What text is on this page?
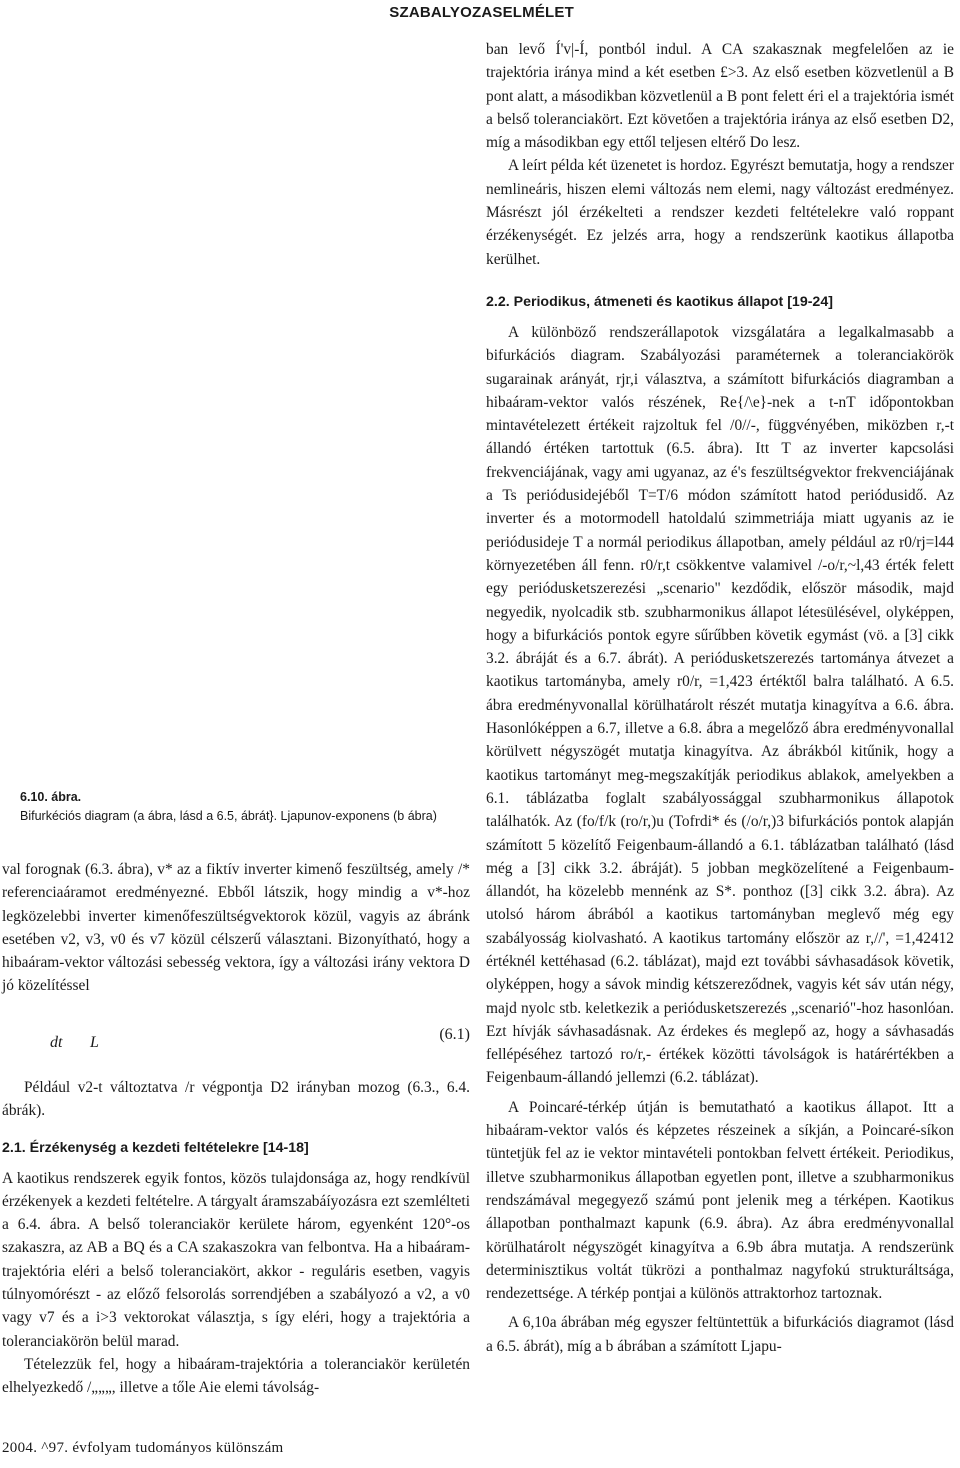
SZABALYOZASELMÉLET
6.10. ábra.
Bifurkéciós diagram (a ábra, lásd a 6.5, ábrát}. Ljapunov-exponens (b ábra)

val forognak (6.3. ábra), v* az a fiktív inverter kimenő feszültség, amely /* referenciaáramot eredményezné. Ebből látszik, hogy mindig a v*-hoz legközelebbi inverter kimenőfeszültségvektorok közül, vagyis az ábránk esetében v2, v3, v0 és v7 közül célszerű választani. Bizonyítható, hogy a hibaáram-vektor változási sebesség vektora, így a változási irány vektora D jó közelítéssel

dt L	(6.1)

Például v2-t változtatva /r végpontja D2 irányban mozog (6.3., 6.4. ábrák).

2.1. Érzékenység a kezdeti feltételekre [14-18]

A kaotikus rendszerek egyik fontos, közös tulajdonsága az, hogy rendkívül érzékenyek a kezdeti feltételre. A tárgyalt áramszabáíyozásra ezt szemlélteti a 6.4. ábra. A belső toleranciakör kerülete három, egyenként 120°-os szakaszra, az AB a BQ és a CA szakaszokra van felbontva. Ha a hibaáram-trajektória eléri a belső toleranciakört, akkor - reguláris esetben, vagyis túlnyomórészt - az előző felsorolás sorrendjében a szabályozó a v2, a v0 vagy v7 és a i>3 vektorokat választja, s így eléri, hogy a trajektória a toleranciakörön belül marad.

Tételezzük fel, hogy a hibaáram-trajektória a toleranciakör kerületén elhelyezkedő /„„„, illetve a tőle Aie elemi távolság-

ban levő Í'v|-Í, pontból indul. A CA szakasznak megfelelően az ie trajektória iránya mind a két esetben £>3. Az első esetben közvetlenül a B pont alatt, a másodikban közvetlenül a B pont felett éri el a trajektória ismét a belső toleranciakört. Ezt követően a trajektória iránya az első esetben D2, míg a másodikban egy ettől teljesen eltérő Do lesz.

A leírt példa két üzenetet is hordoz. Egyrészt bemutatja, hogy a rendszer nemlineáris, hiszen elemi változás nem elemi, nagy változást eredményez. Másrészt jól érzékelteti a rendszer kezdeti feltételekre való roppant érzékenységét. Ez jelzés arra, hogy a rendszerünk kaotikus állapotba kerülhet.

2.2. Periodikus, átmeneti és kaotikus állapot [19-24]

A különböző rendszerállapotok vizsgálatára a legalkalmasabb a bifurkációs diagram. Szabályozási paraméternek a toleranciakörök sugarainak arányát, rjr,i választva, a számított bifurkációs diagramban a hibaáram-vektor valós részének, Re{/\e}-nek a t-nT időpontokban mintavételezett értékeit rajzoltuk fel /0//-, függvényében, miközben r,-t állandó értéken tartottuk (6.5. ábra). Itt T az inverter kapcsolási frekvenciájának, vagy ami ugyanaz, az é's feszültségvektor frekvenciájának a Ts periódusidejéből T=T/6 módon számított hatod periódusidő. Az inverter és a motormodell hatoldalú szimmetriája miatt ugyanis az ie periódusideje T a normál periodikus állapotban, amely például az r0/rj=l44 környezetében áll fenn. r0/r,t csökkentve valamivel /-o/r,~l,43 érték felett egy periódusketszerezési „scenario" kezdődik, először második, majd negyedik, nyolcadik stb. szubharmonikus állapot létesülésével, olyképpen, hogy a bifurkációs pontok egyre sűrűbben követik egymást (vö. a [3] cikk 3.2. ábráját és a 6.7. ábrát). A periódusketszerezés tartománya átvezet a kaotikus tartományba, amely r0/r, =1,423 értéktől balra található. A 6.5. ábra eredményvonallal körülhatárolt részét mutatja kinagyítva a 6.6. ábra. Hasonlóképpen a 6.7, illetve a 6.8. ábra a megelőző ábra eredményvonallal körülvett négyszögét mutatja kinagyítva. Az ábrákból kitűnik, hogy a kaotikus tartományt meg-megszakítják periodikus ablakok, amelyekben a 6.1. táblázatba foglalt szabályossággal szubharmonikus állapotok találhatók. Az (fo/f/k (ro/r,)u (Tofrdi* és (/o/r,)3 bifurkációs pontok alapján számított 5 közelítő Feigenbaum-állandó a 6.1. táblázatban található (lásd még a [3] cikk 3.2. ábráját). 5 jobban megközelítené a Feigenbaum-állandót, ha közelebb mennénk az S*. ponthoz ([3] cikk 3.2. ábra). Az utolsó három ábrából a kaotikus tartományban meglevő még egy szabályosság kiolvasható. A kaotikus tartomány először az r,//', =1,42412 értéknél kettéhasad (6.2. táblázat), majd ezt további sávhasadások követik, olyképpen, hogy a sávok mindig kétszereződnek, vagyis két sáv után négy, majd nyolc stb. keletkezik a periódusketszerezés ,,scenarió"-hoz hasonlóan. Ezt hívják sávhasadásnak. Az érdekes és meglepő az, hogy a sávhasadás fellépéséhez tartozó ro/r,- értékek közötti távolságok is határértékben a Feigenbaum-állandó jellemzi (6.2. táblázat).

A Poincaré-térkép útján is bemutatható a kaotikus állapot. Itt a hibaáram-vektor valós és képzetes részeinek a síkján, a Poincaré-síkon tüntetjük fel az ie vektor mintavételi pontokban felvett értékeit. Periodikus, illetve szubharmonikus állapotban egyetlen pont, illetve a szubharmonikus rendszámával megegyező számú pont jelenik meg a térképen. Kaotikus állapotban ponthalmazt kapunk (6.9. ábra). Az ábra eredményvonallal körülhatárolt négyszögét kinagyítva a 6.9b ábra mutatja. A rendszerünk determinisztikus voltát tükrözi a ponthalmaz nagyfokú strukturáltsága, rendezettsége. A térkép pontjai a különös attraktorhoz tartoznak.

A 6,10a ábrában még egyszer feltüntettük a bifurkációs diagramot (lásd a 6.5. ábrát), míg a b ábrában a számított Ljapu-

2004. ^97. évfolyam tudományos különszám
